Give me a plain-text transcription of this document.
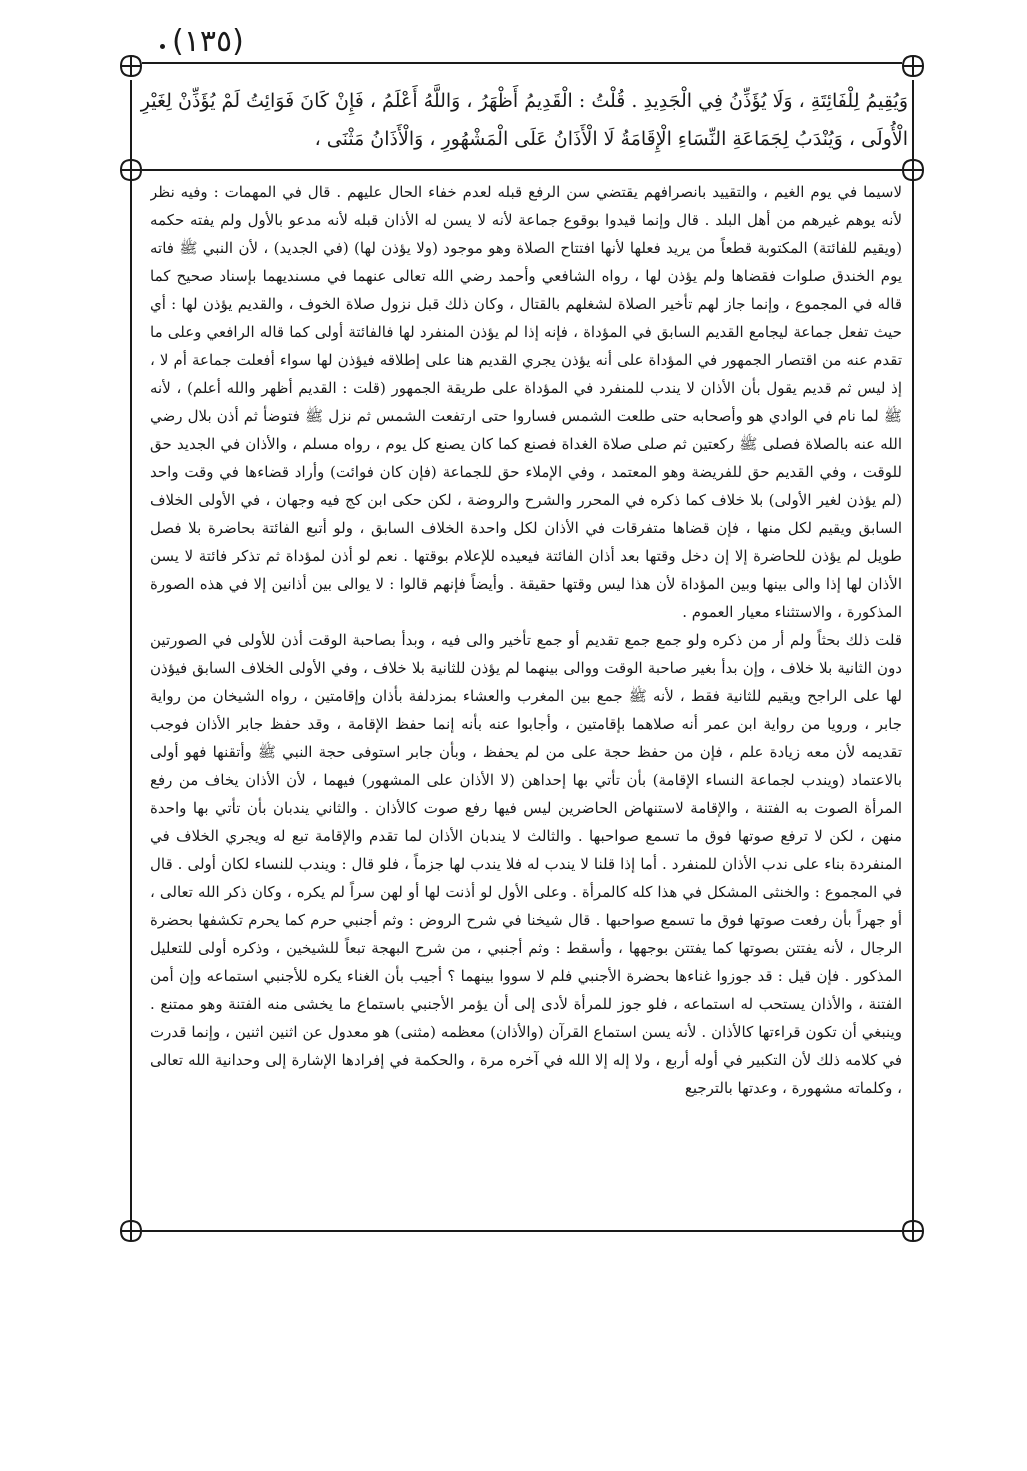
(١٣٥)

وَيُقِيمُ لِلْفَائِتَةِ ، وَلَا يُؤَذِّنُ فِي الْجَدِيدِ . قُلْتُ : الْقَدِيمُ أَظْهَرُ ، وَاللَّهُ أَعْلَمُ ، فَإِنْ كَانَ فَوَائِتُ لَمْ يُؤَذِّنْ لِغَيْرِ

الْأُولَى ، وَيُنْدَبُ لِجَمَاعَةِ النِّسَاءِ الْإِقَامَةُ لَا الْأَذَانُ عَلَى الْمَشْهُورِ ، وَالْأَذَانُ مَثْنَى ،

لاسيما في يوم الغيم ، والتقييد بانصرافهم يقتضي سن الرفع قبله لعدم خفاء الحال عليهم . قال في المهمات : وفيه نظر لأنه يوهم غيرهم من أهل البلد . قال وإنما قيدوا بوقوع جماعة لأنه لا يسن له الأذان قبله لأنه مدعو بالأول ولم يفته حكمه (ويقيم للفائتة) المكتوبة قطعاً من يريد فعلها لأنها افتتاح الصلاة وهو موجود (ولا يؤذن لها) (في الجديد) ، لأن النبي ﷺ فاته يوم الخندق صلوات فقضاها ولم يؤذن لها ، رواه الشافعي وأحمد رضي الله تعالى عنهما في مسنديهما بإسناد صحيح كما قاله في المجموع ، وإنما جاز لهم تأخير الصلاة لشغلهم بالقتال ، وكان ذلك قبل نزول صلاة الخوف ، والقديم يؤذن لها : أي حيث تفعل جماعة ليجامع القديم السابق في المؤداة ، فإنه إذا لم يؤذن المنفرد لها فالفائتة أولى كما قاله الرافعي وعلى ما تقدم عنه من اقتصار الجمهور في المؤداة على أنه يؤذن يجري القديم هنا على إطلاقه فيؤذن لها سواء أفعلت جماعة أم لا ، إذ ليس ثم قديم يقول بأن الأذان لا يندب للمنفرد في المؤداة على طريقة الجمهور (قلت : القديم أظهر والله أعلم) ، لأنه ﷺ لما نام في الوادي هو وأصحابه حتى طلعت الشمس فساروا حتى ارتفعت الشمس ثم نزل ﷺ فتوضأ ثم أذن بلال رضي الله عنه بالصلاة فصلى ﷺ ركعتين ثم صلى صلاة الغداة فصنع كما كان يصنع كل يوم ، رواه مسلم ، والأذان في الجديد حق للوقت ، وفي القديم حق للفريضة وهو المعتمد ، وفي الإملاء حق للجماعة (فإن كان فوائت) وأراد قضاءها في وقت واحد (لم يؤذن لغير الأولى) بلا خلاف كما ذكره في المحرر والشرح والروضة ، لكن حكى ابن كج فيه وجهان ، في الأولى الخلاف السابق ويقيم لكل منها ، فإن قضاها متفرقات في الأذان لكل واحدة الخلاف السابق ، ولو أتبع الفائتة بحاضرة بلا فصل طويل لم يؤذن للحاضرة إلا إن دخل وقتها بعد أذان الفائتة فيعيده للإعلام بوقتها . نعم لو أذن لمؤداة ثم تذكر فائتة لا يسن الأذان لها إذا والى بينها وبين المؤداة لأن هذا ليس وقتها حقيقة . وأيضاً فإنهم قالوا : لا يوالى بين أذانين إلا في هذه الصورة المذكورة ، والاستثناء معيار العموم .

قلت ذلك بحثاً ولم أر من ذكره ولو جمع جمع تقديم أو جمع تأخير والى فيه ، وبدأ بصاحبة الوقت أذن للأولى في الصورتين دون الثانية بلا خلاف ، وإن بدأ بغير صاحبة الوقت ووالى بينهما لم يؤذن للثانية بلا خلاف ، وفي الأولى الخلاف السابق فيؤذن لها على الراجح ويقيم للثانية فقط ، لأنه ﷺ جمع بين المغرب والعشاء بمزدلفة بأذان وإقامتين ، رواه الشيخان من رواية جابر ، ورويا من رواية ابن عمر أنه صلاهما بإقامتين ، وأجابوا عنه بأنه إنما حفظ الإقامة ، وقد حفظ جابر الأذان فوجب تقديمه لأن معه زيادة علم ، فإن من حفظ حجة على من لم يحفظ ، وبأن جابر استوفى حجة النبي ﷺ وأتقنها فهو أولى بالاعتماد (ويندب لجماعة النساء الإقامة) بأن تأتي بها إحداهن (لا الأذان على المشهور) فيهما ، لأن الأذان يخاف من رفع المرأة الصوت به الفتنة ، والإقامة لاستنهاض الحاضرين ليس فيها رفع صوت كالأذان . والثاني يندبان بأن تأتي بها واحدة منهن ، لكن لا ترفع صوتها فوق ما تسمع صواحبها . والثالث لا يندبان الأذان لما تقدم والإقامة تبع له ويجري الخلاف في المنفردة بناء على ندب الأذان للمنفرد . أما إذا قلنا لا يندب له فلا يندب لها جزماً ، فلو قال : ويندب للنساء لكان أولى . قال في المجموع : والخنثى المشكل في هذا كله كالمرأة . وعلى الأول لو أذنت لها أو لهن سراً لم يكره ، وكان ذكر الله تعالى ، أو جهراً بأن رفعت صوتها فوق ما تسمع صواحبها . قال شيخنا في شرح الروض : وثم أجنبي حرم كما يحرم تكشفها بحضرة الرجال ، لأنه يفتتن بصوتها كما يفتتن بوجهها ، وأسقط : وثم أجنبي ، من شرح البهجة تبعاً للشيخين ، وذكره أولى للتعليل المذكور . فإن قيل : قد جوزوا غناءها بحضرة الأجنبي فلم لا سووا بينهما ؟ أجيب بأن الغناء يكره للأجنبي استماعه وإن أمن الفتنة ، والأذان يستحب له استماعه ، فلو جوز للمرأة لأدى إلى أن يؤمر الأجنبي باستماع ما يخشى منه الفتنة وهو ممتنع . وينبغي أن تكون قراءتها كالأذان . لأنه يسن استماع القرآن (والأذان) معظمه (مثنى) هو معدول عن اثنين اثنين ، وإنما قدرت في كلامه ذلك لأن التكبير في أوله أربع ، ولا إله إلا الله في آخره مرة ، والحكمة في إفرادها الإشارة إلى وحدانية الله تعالى ، وكلماته مشهورة ، وعدتها بالترجيع
